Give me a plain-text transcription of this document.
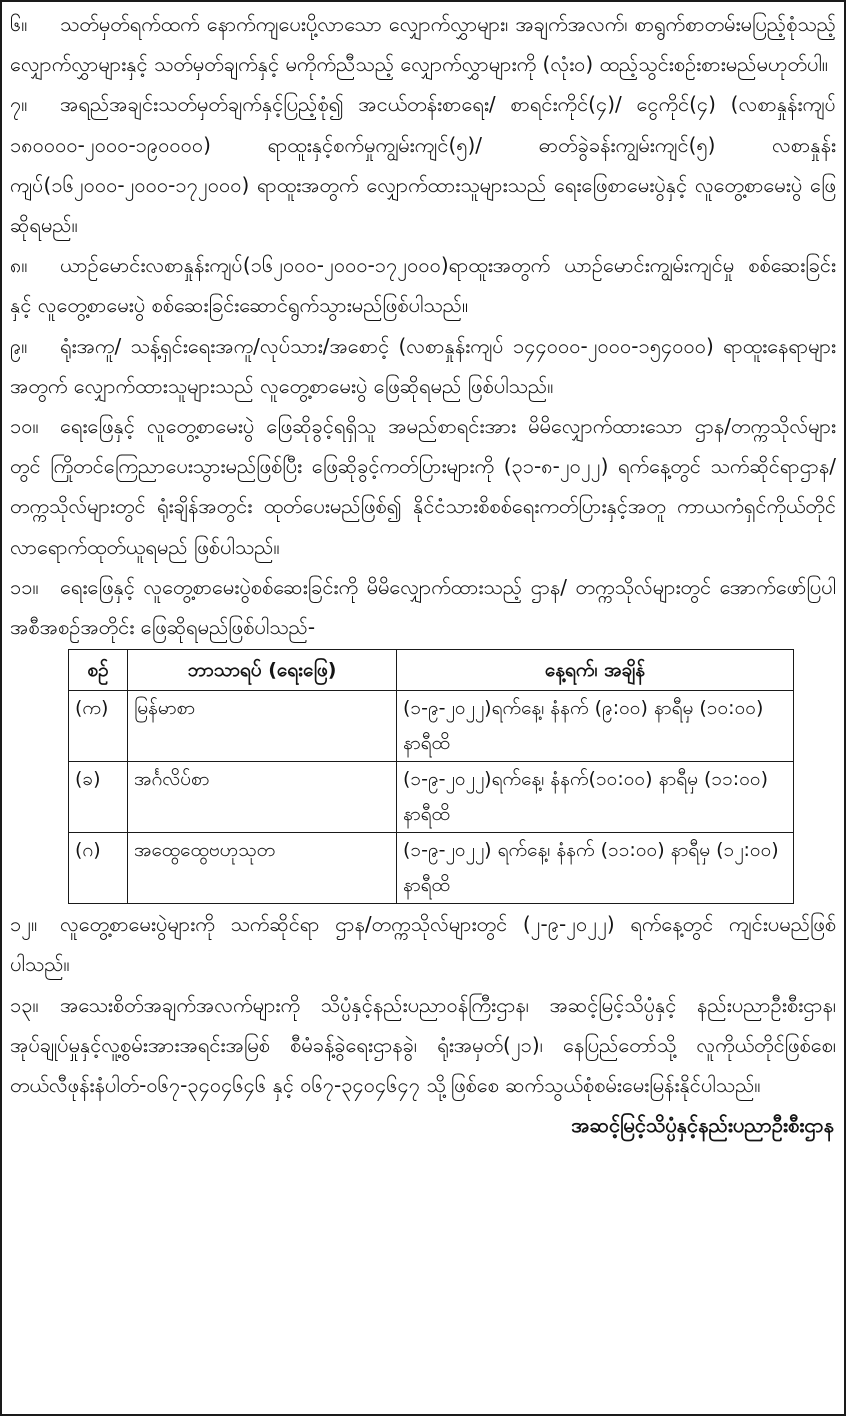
၆။ သတ်မှတ်ရက်ထက် နောက်ကျပေးပို့လာသော လျှောက်လွှာများ၊ အချက်အလက်၊ စာရွက်စာတမ်းမပြည့်စုံသည့် လျှောက်လွှာများနှင့် သတ်မှတ်ချက်နှင့် မကိုက်ညီသည့် လျှောက်လွှာများကို (လုံး၀) ထည့်သွင်းစဉ်းစားမည်မဟုတ်ပါ။

၇။ အရည်အချင်းသတ်မှတ်ချက်နှင့်ပြည့်စုံ၍ အငယ်တန်းစာရေး/ စာရင်းကိုင်(၄)/ ငွေကိုင်(၄) (လစာနှုန်းကျပ် ၁၈၀၀၀၀-၂၀၀၀-၁၉၀၀၀၀) ရာထူးနှင့်စက်မှုကျွမ်းကျင်(၅)/ ဓာတ်ခွဲခန်းကျွမ်းကျင်(၅) လစာနှုန်းကျပ်(၁၆၂၀၀၀-၂၀၀၀-၁၇၂၀၀၀) ရာထူးအတွက် လျှောက်ထားသူများသည် ရေးဖြေစာမေးပွဲနှင့် လူတွေ့စာမေးပွဲ ဖြေဆိုရမည်။

၈။ ယာဉ်မောင်းလစာနှုန်းကျပ်(၁၆၂၀၀၀-၂၀၀၀-၁၇၂၀၀၀)ရာထူးအတွက် ယာဉ်မောင်းကျွမ်းကျင်မှု စစ်ဆေးခြင်းနှင့် လူတွေ့စာမေးပွဲ စစ်ဆေးခြင်းဆောင်ရွက်သွားမည်ဖြစ်ပါသည်။

၉။ ရုံးအကူ/ သန့်ရှင်းရေးအကူ/လုပ်သား/အစောင့် (လစာနှုန်းကျပ် ၁၄၄၀၀၀-၂၀၀၀-၁၅၄၀၀၀) ရာထူးနေရာများအတွက် လျှောက်ထားသူများသည် လူတွေ့စာမေးပွဲ ဖြေဆိုရမည် ဖြစ်ပါသည်။

၁၀။ ရေးဖြေနှင့် လူတွေ့စာမေးပွဲ ဖြေဆိုခွင့်ရရှိသူ အမည်စာရင်းအား မိမိလျှောက်ထားသော ဌာန/တက္ကသိုလ်များတွင် ကြိုတင်ကြေညာပေးသွားမည်ဖြစ်ပြီး ဖြေဆိုခွင့်ကတ်ပြားများကို (၃၁-၈-၂၀၂၂) ရက်နေ့တွင် သက်ဆိုင်ရာဌာန/တက္ကသိုလ်များတွင် ရုံးချိန်အတွင်း ထုတ်ပေးမည်ဖြစ်၍ နိုင်ငံသားစိစစ်ရေးကတ်ပြားနှင့်အတူ ကာယကံရှင်ကိုယ်တိုင် လာရောက်ထုတ်ယူရမည် ဖြစ်ပါသည်။

၁၁။ ရေးဖြေနှင့် လူတွေ့စာမေးပွဲစစ်ဆေးခြင်းကို မိမိလျှောက်ထားသည့် ဌာန/ တက္ကသိုလ်များတွင် အောက်ဖော်ပြပါ အစီအစဉ်အတိုင်း ဖြေဆိုရမည်ဖြစ်ပါသည်-

စဉ်	ဘာသာရပ် (ရေးဖြေ)	နေ့ရက်၊ အချိန်
(က)	မြန်မာစာ	(၁-၉-၂၀၂၂)ရက်နေ့၊ နံနက် (၉:၀၀) နာရီမှ (၁၀:၀၀) နာရီထိ
(ခ)	အင်္ဂလိပ်စာ	(၁-၉-၂၀၂၂)ရက်နေ့၊ နံနက်(၁၀:၀၀) နာရီမှ (၁၁:၀၀) နာရီထိ
(ဂ)	အထွေထွေဗဟုသုတ	(၁-၉-၂၀၂၂) ရက်နေ့၊ နံနက် (၁၁:၀၀) နာရီမှ (၁၂:၀၀) နာရီထိ

၁၂။ လူတွေ့စာမေးပွဲများကို သက်ဆိုင်ရာ ဌာန/တက္ကသိုလ်များတွင် (၂-၉-၂၀၂၂) ရက်နေ့တွင် ကျင်းပမည်ဖြစ်ပါသည်။

၁၃။ အသေးစိတ်အချက်အလက်များကို သိပ္ပံနှင့်နည်းပညာဝန်ကြီးဌာန၊ အဆင့်မြင့်သိပ္ပံနှင့် နည်းပညာဦးစီးဌာန၊ အုပ်ချုပ်မှုနှင့်လူ့စွမ်းအားအရင်းအမြစ် စီမံခန့်ခွဲရေးဌာနခွဲ၊ ရုံးအမှတ်(၂၁)၊ နေပြည်တော်သို့ လူကိုယ်တိုင်ဖြစ်စေ၊ တယ်လီဖုန်းနံပါတ်-၀၆၇-၃၄၀၄၆၄၆ နှင့် ၀၆၇-၃၄၀၄၆၄၇ သို့ဖြစ်စေ ဆက်သွယ်စုံစမ်းမေးမြန်းနိုင်ပါသည်။

အဆင့်မြင့်သိပ္ပံနှင့်နည်းပညာဦးစီးဌာန
